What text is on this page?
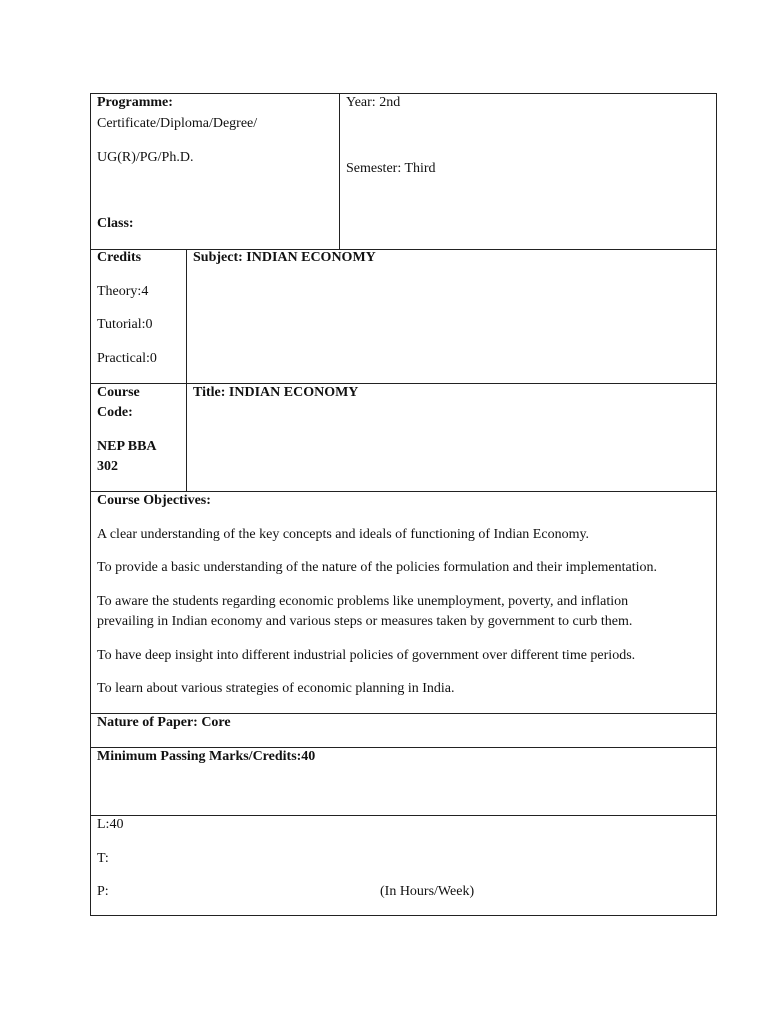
Programme:
Certificate/Diploma/Degree/
UG(R)/PG/Ph.D.
Class:
Year: 2nd
Semester: Third
Credits
Theory:4
Tutorial:0
Practical:0
Subject: INDIAN ECONOMY
Course
Code:
NEP BBA
302
Title: INDIAN ECONOMY
Course Objectives:
A clear understanding of the key concepts and ideals of functioning of Indian Economy.
To provide a basic understanding of the nature of the policies formulation and their implementation.
To aware the students regarding economic problems like unemployment, poverty, and inflation
prevailing in Indian economy and various steps or measures taken by government to curb them.
To have deep insight into different industrial policies of government over different time periods.
To learn about various strategies of economic planning in India.
Nature of Paper: Core
Minimum Passing Marks/Credits:40
L:40
T:
P:	(In Hours/Week)
